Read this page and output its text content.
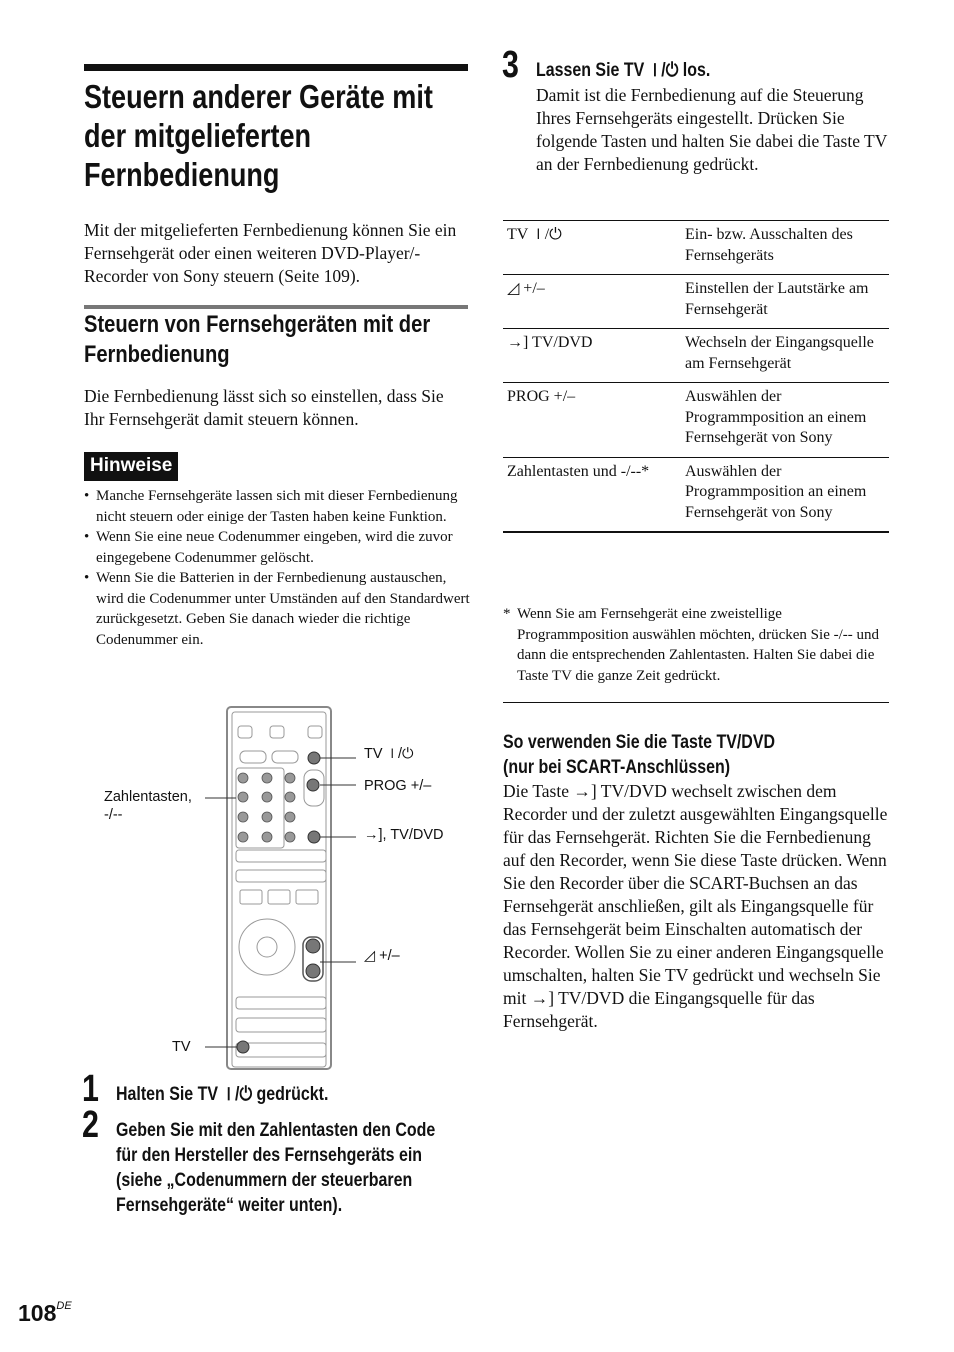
Steuern anderer Geräte mit
der mitgelieferten
Fernbedienung
Mit der mitgelieferten Fernbedienung können Sie ein Fernsehgerät oder einen weiteren DVD-Player/-Recorder von Sony steuern (Seite 109).
Steuern von Fernsehgeräten mit der
Fernbedienung
Die Fernbedienung lässt sich so einstellen, dass Sie Ihr Fernsehgerät damit steuern können.
Hinweise
• Manche Fernsehgeräte lassen sich mit dieser Fernbedienung nicht steuern oder einige der Tasten haben keine Funktion.
• Wenn Sie eine neue Codenummer eingeben, wird die zuvor eingegebene Codenummer gelöscht.
• Wenn Sie die Batterien in der Fernbedienung austauschen, wird die Codenummer unter Umständen auf den Standardwert zurückgesetzt. Geben Sie danach wieder die richtige Codenummer ein.
TV ⏽/⏻
PROG +/–
Zahlentasten,
-/--
→], TV/DVD
◿ +/–
TV
1 Halten Sie TV ⏽/⏻ gedrückt.
2 Geben Sie mit den Zahlentasten den Code
für den Hersteller des Fernsehgeräts ein
(siehe „Codenummern der steuerbaren
Fernsehgeräte“ weiter unten).
3 Lassen Sie TV ⏽/⏻ los.
Damit ist die Fernbedienung auf die Steuerung Ihres Fernsehgeräts eingestellt. Drücken Sie folgende Tasten und halten Sie dabei die Taste TV an der Fernbedienung gedrückt.
TV ⏽/⏻	Ein- bzw. Ausschalten des Fernsehgeräts
◿ +/–	Einstellen der Lautstärke am Fernsehgerät
→] TV/DVD	Wechseln der Eingangsquelle am Fernsehgerät
PROG +/–	Auswählen der Programmposition an einem Fernsehgerät von Sony
Zahlentasten und -/--*	Auswählen der Programmposition an einem Fernsehgerät von Sony
* Wenn Sie am Fernsehgerät eine zweistellige Programmposition auswählen möchten, drücken Sie -/-- und dann die entsprechenden Zahlentasten. Halten Sie dabei die Taste TV die ganze Zeit gedrückt.
So verwenden Sie die Taste TV/DVD
(nur bei SCART-Anschlüssen)
Die Taste →] TV/DVD wechselt zwischen dem Recorder und der zuletzt ausgewählten Eingangsquelle für das Fernsehgerät. Richten Sie die Fernbedienung auf den Recorder, wenn Sie diese Taste drücken. Wenn Sie den Recorder über die SCART-Buchsen an das Fernsehgerät anschließen, gilt als Eingangsquelle für das Fernsehgerät beim Einschalten automatisch der Recorder. Wollen Sie zu einer anderen Eingangsquelle umschalten, halten Sie TV gedrückt und wechseln Sie mit →] TV/DVD die Eingangsquelle für das Fernsehgerät.
108DE
